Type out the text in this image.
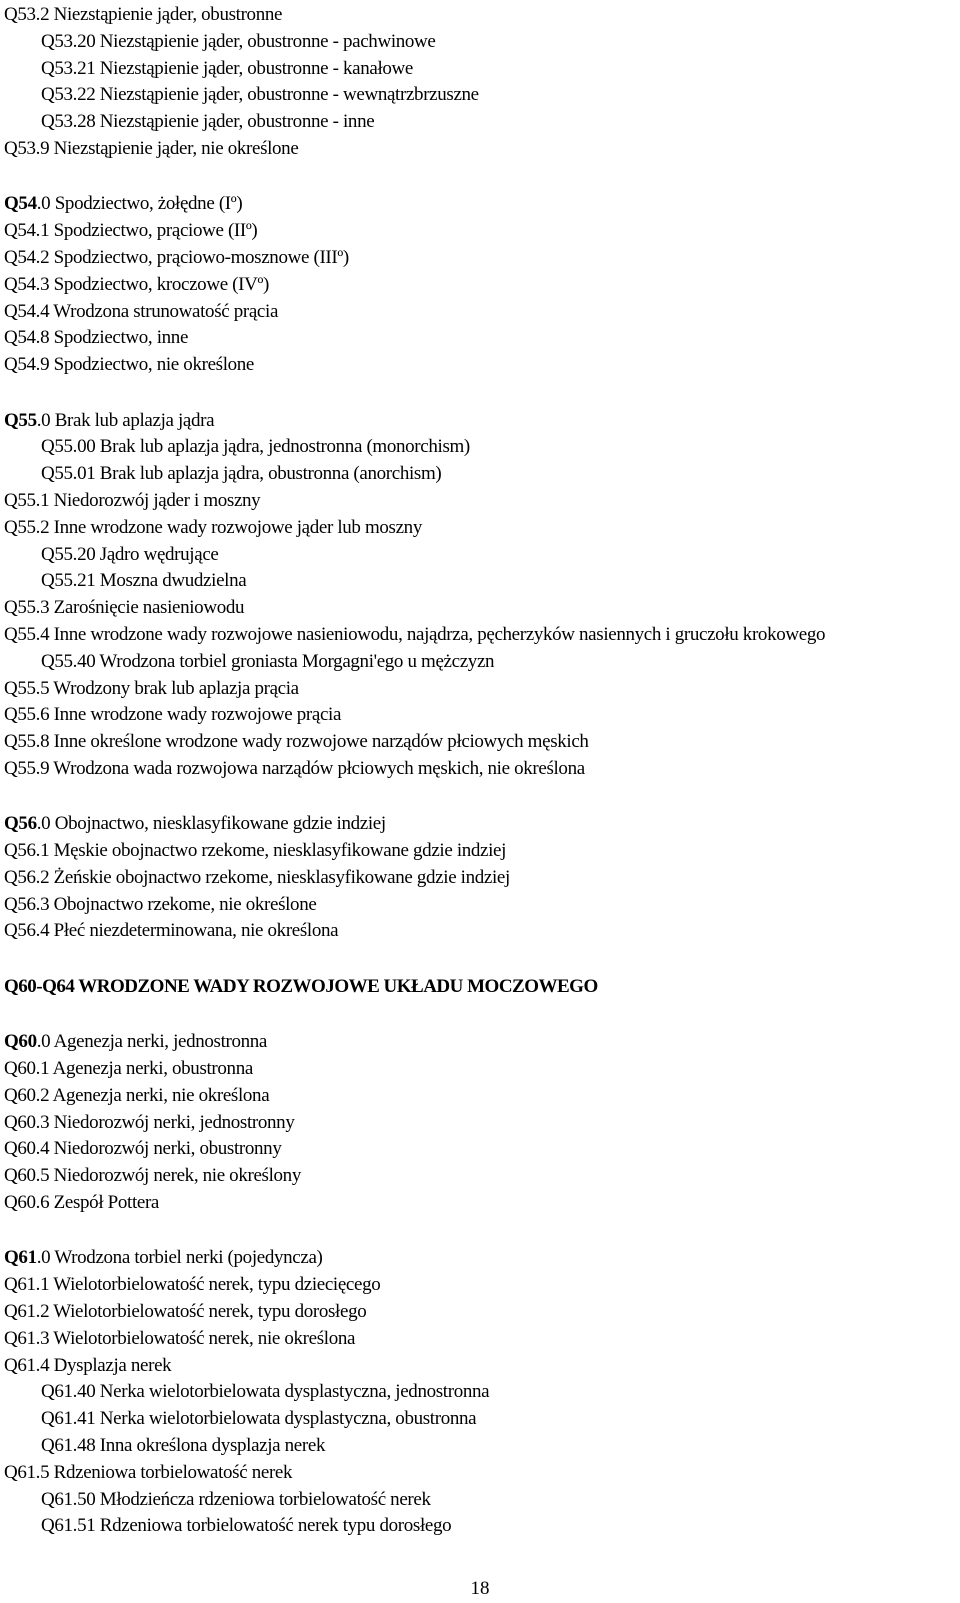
Q53.2 Niezstąpienie jąder, obustronne
Q53.20 Niezstąpienie jąder, obustronne - pachwinowe
Q53.21 Niezstąpienie jąder, obustronne - kanałowe
Q53.22 Niezstąpienie jąder, obustronne - wewnątrzbrzuszne
Q53.28 Niezstąpienie jąder, obustronne - inne
Q53.9 Niezstąpienie jąder, nie określone
Q54.0 Spodziectwo, żołędne (Iº)
Q54.1 Spodziectwo, prąciowe (IIº)
Q54.2 Spodziectwo, prąciowo-mosznowe (IIIº)
Q54.3 Spodziectwo, kroczowe (IVº)
Q54.4 Wrodzona strunowatość prącia
Q54.8 Spodziectwo, inne
Q54.9 Spodziectwo, nie określone
Q55.0 Brak lub aplazja jądra
Q55.00 Brak lub aplazja jądra, jednostronna (monorchism)
Q55.01 Brak lub aplazja jądra, obustronna (anorchism)
Q55.1 Niedorozwój jąder i moszny
Q55.2 Inne wrodzone wady rozwojowe jąder lub moszny
Q55.20 Jądro wędrujące
Q55.21 Moszna dwudzielna
Q55.3 Zarośnięcie nasieniowodu
Q55.4 Inne wrodzone wady rozwojowe nasieniowodu, najądrza, pęcherzyków nasiennych i gruczołu krokowego
Q55.40 Wrodzona torbiel groniasta Morgagni'ego u mężczyzn
Q55.5 Wrodzony brak lub aplazja prącia
Q55.6 Inne wrodzone wady rozwojowe prącia
Q55.8 Inne określone wrodzone wady rozwojowe narządów płciowych męskich
Q55.9 Wrodzona wada rozwojowa narządów płciowych męskich, nie określona
Q56.0 Obojnactwo, niesklasyfikowane gdzie indziej
Q56.1 Męskie obojnactwo rzekome, niesklasyfikowane gdzie indziej
Q56.2 Żeńskie obojnactwo rzekome, niesklasyfikowane gdzie indziej
Q56.3 Obojnactwo rzekome, nie określone
Q56.4 Płeć niezdeterminowana, nie określona
Q60-Q64 WRODZONE WADY ROZWOJOWE UKŁADU MOCZOWEGO
Q60.0 Agenezja nerki, jednostronna
Q60.1 Agenezja nerki, obustronna
Q60.2 Agenezja nerki, nie określona
Q60.3 Niedorozwój nerki, jednostronny
Q60.4 Niedorozwój nerki, obustronny
Q60.5 Niedorozwój nerek, nie określony
Q60.6 Zespół Pottera
Q61.0 Wrodzona torbiel nerki (pojedyncza)
Q61.1 Wielotorbielowatość nerek, typu dziecięcego
Q61.2 Wielotorbielowatość nerek, typu dorosłego
Q61.3 Wielotorbielowatość nerek, nie określona
Q61.4 Dysplazja nerek
Q61.40 Nerka wielotorbielowata dysplastyczna, jednostronna
Q61.41 Nerka wielotorbielowata dysplastyczna, obustronna
Q61.48 Inna określona dysplazja nerek
Q61.5 Rdzeniowa torbielowatość nerek
Q61.50 Młodzieńcza rdzeniowa torbielowatość nerek
Q61.51 Rdzeniowa torbielowatość nerek typu dorosłego
18
